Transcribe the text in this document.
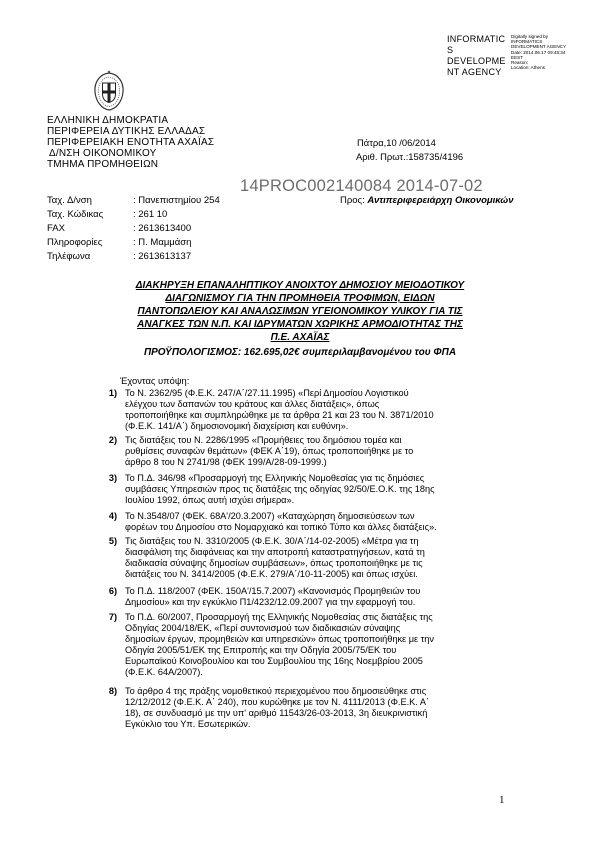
INFORMATIC
S
DEVELOPME
NT AGENCY
Digitally signed by
INFORMATICS
DEVELOPMENT AGENCY
Date: 2014.06.17 09:45:34
EEST
Reason:
Location: Athens
ΕΛΛΗΝΙΚΗ ΔΗΜΟΚΡΑΤΙΑ
ΠΕΡΙΦΕΡΕΙΑ ΔΥΤΙΚΗΣ ΕΛΛΑΔΑΣ
ΠΕΡΙΦΕΡΕΙΑΚΗ ΕΝΟΤΗΤΑ ΑΧΑΪΑΣ
Δ/ΝΣΗ ΟΙΚΟΝΟΜΙΚΟΥ
ΤΜΗΜΑ ΠΡΟΜΗΘΕΙΩΝ
Πάτρα,10 /06/2014
Αριθ. Πρωτ.:158735/4196
14PROC002140084 2014-07-02
Ταχ. Δ/νση	: Πανεπιστημίου 254
Ταχ. Κώδικας	: 261 10
FAX	: 2613613400
Πληροφορίες	: Π. Μαμμάση
Τηλέφωνα	: 2613613137
Προς: Αντιπεριφερειάρχη Οικονομικών
ΔΙΑΚΗΡΥΞΗ ΕΠΑΝΑΛΗΠΤΙΚΟΥ ΑΝΟΙΧΤΟΥ ΔΗΜΟΣΙΟΥ ΜΕΙΟΔΟΤΙΚΟΥ
ΔΙΑΓΩΝΙΣΜΟΥ ΓΙΑ ΤΗΝ ΠΡΟΜΗΘΕΙΑ ΤΡΟΦΙΜΩΝ, ΕΙΔΩΝ
ΠΑΝΤΟΠΩΛΕΙΟΥ ΚΑΙ ΑΝΑΛΩΣΙΜΩΝ ΥΓΕΙΟΝΟΜΙΚΟΥ ΥΛΙΚΟΥ ΓΙΑ ΤΙΣ
ΑΝΑΓΚΕΣ ΤΩΝ Ν.Π. ΚΑΙ ΙΔΡΥΜΑΤΩΝ ΧΩΡΙΚΗΣ ΑΡΜΟΔΙΟΤΗΤΑΣ ΤΗΣ
Π.Ε. ΑΧΑΪΑΣ
ΠΡΟΫΠΟΛΟΓΙΣΜΟΣ: 162.695,02€ συμπεριλαμβανομένου του ΦΠΑ
Έχοντας υπόψη:
1) Το Ν. 2362/95 (Φ.Ε.Κ. 247/Α΄/27.11.1995) «Περί Δημοσίου Λογιστικού
ελέγχου των δαπανών του κράτους και άλλες διατάξεις», όπως
τροποποιήθηκε και συμπληρώθηκε με τα άρθρα 21 και 23 του Ν. 3871/2010
(Φ.Ε.Κ. 141/Α΄) δημοσιονομική διαχείριση και ευθύνη».
2) Τις διατάξεις του Ν. 2286/1995 «Προμήθειες του δημόσιου τομέα και
ρυθμίσεις συναφών θεμάτων» (ΦΕΚ Α΄19), όπως τροποποιήθηκε με το
άρθρο 8 του Ν 2741/98 (ΦΕΚ 199/Α/28-09-1999.)
3) Το Π.Δ. 346/98 «Προσαρμογή της Ελληνικής Νομοθεσίας για τις δημόσιες
συμβάσεις Υπηρεσιών προς τις διατάξεις της οδηγίας 92/50/Ε.Ο.Κ. της 18ης
Ιουλίου 1992, όπως αυτή ισχύει σήμερα».
4) Το Ν.3548/07 (ΦΕΚ. 68Α'/20.3.2007) «Καταχώρηση δημοσιεύσεων των
φορέων του Δημοσίου στο Νομαρχιακό και τοπικό Τύπο και άλλες διατάξεις».
5) Τις διατάξεις του Ν. 3310/2005 (Φ.Ε.Κ. 30/Α΄/14-02-2005) «Μέτρα για τη
διασφάλιση της διαφάνειας και την αποτροπή καταστρατηγήσεων, κατά τη
διαδικασία σύναψης δημοσίων συμβάσεων», όπως τροποποιήθηκε με τις
διατάξεις του Ν. 3414/2005 (Φ.Ε.Κ. 279/Α΄/10-11-2005) και όπως ισχύει.
6) Το Π.Δ. 118/2007 (ΦΕΚ. 150Α'/15.7.2007) «Κανονισμός Προμηθειών του
Δημοσίου» και την εγκύκλιο Π1/4232/12.09.2007 για την εφαρμογή του.
7) Το Π.Δ. 60/2007, Προσαρμογή της Ελληνικής Νομοθεσίας στις διατάξεις της
Οδηγίας 2004/18/ΕΚ, «Περί συντονισμού των διαδικασιών σύναψης
δημοσίων έργων, προμηθειών και υπηρεσιών» όπως τροποποιήθηκε με την
Οδηγία 2005/51/ΕΚ της Επιτροπής και την Οδηγία 2005/75/ΕΚ του
Ευρωπαϊκού Κοινοβουλίου και του Συμβουλίου της 16ης Νοεμβρίου 2005
(Φ.Ε.Κ. 64Α/2007).
8) Το άρθρο 4 της πράξης νομοθετικού περιεχομένου που δημοσιεύθηκε στις
12/12/2012 (Φ.Ε.Κ. Α΄ 240), που κυρώθηκε με τον Ν. 4111/2013 (Φ.Ε.Κ. Α΄
18), σε συνδυασμό με την υπ' αριθμό 11543/26-03-2013, 3η διευκρινιστική
Εγκύκλιο του Υπ. Εσωτερικών.
1
